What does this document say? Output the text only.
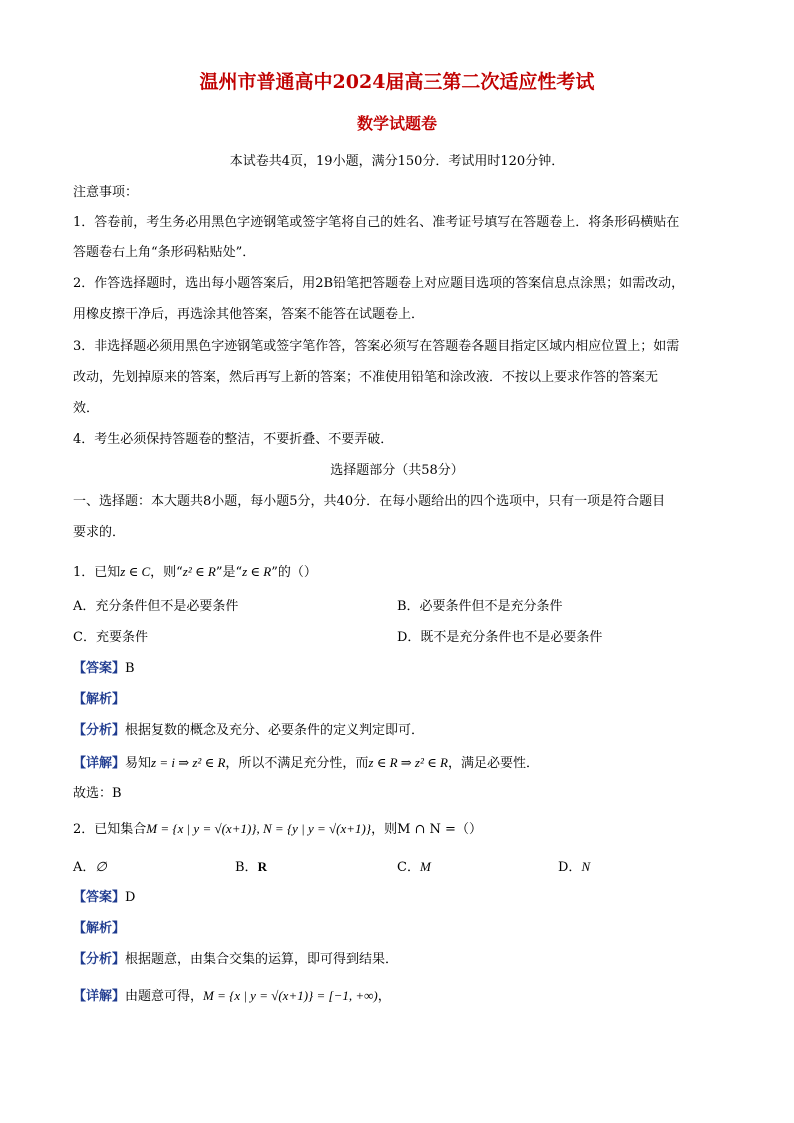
温州市普通高中2024届高三第二次适应性考试
数学试题卷
本试卷共4页，19小题，满分150分．考试用时120分钟．
注意事项：
1．答卷前，考生务必用黑色字迹钢笔或签字笔将自己的姓名、准考证号填写在答题卷上．将条形码横贴在
答题卷右上角“条形码粘贴处”．
2．作答选择题时，选出每小题答案后，用2B铅笔把答题卷上对应题目选项的答案信息点涂黑；如需改动，
用橡皮擦干净后，再选涂其他答案，答案不能答在试题卷上．
3．非选择题必须用黑色字迹钢笔或签字笔作答，答案必须写在答题卷各题目指定区域内相应位置上；如需
改动，先划掉原来的答案，然后再写上新的答案；不准使用铅笔和涂改液．不按以上要求作答的答案无
效．
4．考生必须保持答题卷的整洁，不要折叠、不要弄破．
选择题部分（共58分）
一、选择题：本大题共8小题，每小题5分，共40分．在每小题给出的四个选项中，只有一项是符合题目
要求的．
1．已知z ∈ C，则“z² ∈ R”是“z ∈ R”的（）
A．充分条件但不是必要条件	B．必要条件但不是充分条件
C．充要条件	D．既不是充分条件也不是必要条件
【答案】B
【解析】
【分析】根据复数的概念及充分、必要条件的定义判定即可．
【详解】易知z = i ⇒ z² ∈ R，所以不满足充分性，而z ∈ R ⇒ z² ∈ R，满足必要性．
故选：B
2．已知集合M = {x | y = √(x+1)}, N = {y | y = √(x+1)}，则M ∩ N =（）
A．∅	B．R	C．M	D．N
【答案】D
【解析】
【分析】根据题意，由集合交集的运算，即可得到结果．
【详解】由题意可得，M = {x | y = √(x+1)} = [−1, +∞)，
